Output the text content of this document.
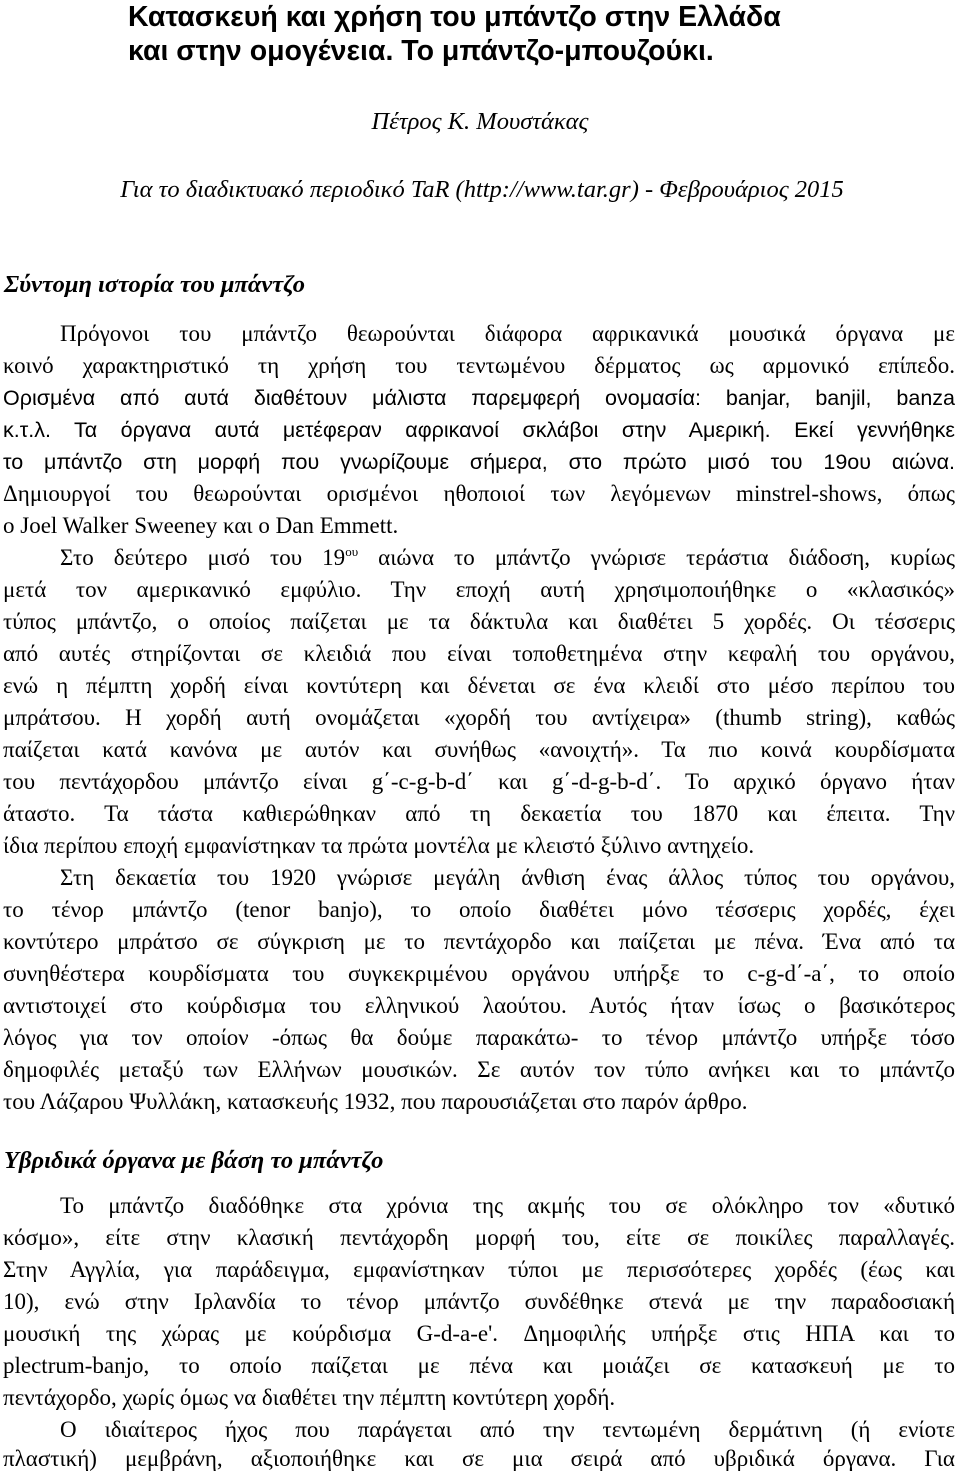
Κατασκευή και χρήση του μπάντζο στην Ελλάδα
και στην ομογένεια. Το μπάντζο-μπουζούκι.

Πέτρος Κ. Μουστάκας

Για το διαδικτυακό περιοδικό TaR (http://www.tar.gr) - Φεβρουάριος 2015

Σύντομη ιστορία του μπάντζο

Πρόγονοι του μπάντζο θεωρούνται διάφορα αφρικανικά μουσικά όργανα με

κοινό χαρακτηριστικό τη χρήση του τεντωμένου δέρματος ως αρμονικό επίπεδο.

Ορισμένα από αυτά διαθέτουν μάλιστα παρεμφερή ονομασία: banjar, banjil, banza

κ.τ.λ. Τα όργανα αυτά μετέφεραν αφρικανοί σκλάβοι στην Αμερική. Εκεί γεννήθηκε

το μπάντζο στη μορφή που γνωρίζουμε σήμερα, στο πρώτο μισό του 19ου αιώνα.

Δημιουργοί του θεωρούνται ορισμένοι ηθοποιοί των λεγόμενων minstrel-shows, όπως

ο Joel Walker Sweeney και ο Dan Emmett.

Στο δεύτερο μισό του $19^{o\upsilon}$ αιώνα το μπάντζο γνώρισε τεράστια διάδοση, κυρίως

μετά τον αμερικανικό εμφύλιο. Την εποχή αυτή χρησιμοποιήθηκε ο «κλασικός»

τύπος μπάντζο, ο οποίος παίζεται με τα δάκτυλα και διαθέτει 5 χορδές. Οι τέσσερις

από αυτές στηρίζονται σε κλειδιά που είναι τοποθετημένα στην κεφαλή του οργάνου,

ενώ η πέμπτη χορδή είναι κοντύτερη και δένεται σε ένα κλειδί στο μέσο περίπου του

μπράτσου. Η χορδή αυτή ονομάζεται «χορδή του αντίχειρα» (thumb string), καθώς

παίζεται κατά κανόνα με αυτόν και συνήθως «ανοιχτή». Τα πιο κοινά κουρδίσματα

του πεντάχορδου μπάντζο είναι g΄-c-g-b-d΄ και g΄-d-g-b-d΄. Το αρχικό όργανο ήταν

άταστο. Τα τάστα καθιερώθηκαν από τη δεκαετία του 1870 και έπειτα. Την

ίδια περίπου εποχή εμφανίστηκαν τα πρώτα μοντέλα με κλειστό ξύλινο αντηχείο.

Στη δεκαετία του 1920 γνώρισε μεγάλη άνθιση ένας άλλος τύπος του οργάνου,

το τένορ μπάντζο (tenor banjo), το οποίο διαθέτει μόνο τέσσερις χορδές, έχει

κοντύτερο μπράτσο σε σύγκριση με το πεντάχορδο και παίζεται με πένα. Ένα από τα

συνηθέστερα κουρδίσματα του συγκεκριμένου οργάνου υπήρξε το c-g-d΄-a΄, το οποίο

αντιστοιχεί στο κούρδισμα του ελληνικού λαούτου. Αυτός ήταν ίσως ο βασικότερος

λόγος για τον οποίον -όπως θα δούμε παρακάτω- το τένορ μπάντζο υπήρξε τόσο

δημοφιλές μεταξύ των Ελλήνων μουσικών. Σε αυτόν τον τύπο ανήκει και το μπάντζο

του Λάζαρου Ψυλλάκη, κατασκευής 1932, που παρουσιάζεται στο παρόν άρθρο.

Υβριδικά όργανα με βάση το μπάντζο

Το μπάντζο διαδόθηκε στα χρόνια της ακμής του σε ολόκληρο τον «δυτικό

κόσμο», είτε στην κλασική πεντάχορδη μορφή του, είτε σε ποικίλες παραλλαγές.

Στην Αγγλία, για παράδειγμα, εμφανίστηκαν τύποι με περισσότερες χορδές (έως και

10), ενώ στην Ιρλανδία το τένορ μπάντζο συνδέθηκε στενά με την παραδοσιακή

μουσική της χώρας με κούρδισμα G-d-a-e'. Δημοφιλής υπήρξε στις ΗΠΑ και το

plectrum-banjo, το οποίο παίζεται με πένα και μοιάζει σε κατασκευή με το

πεντάχορδο, χωρίς όμως να διαθέτει την πέμπτη κοντύτερη χορδή.

Ο ιδιαίτερος ήχος που παράγεται από την τεντωμένη δερμάτινη (ή ενίοτε

πλαστική) μεμβράνη, αξιοποιήθηκε και σε μια σειρά από υβριδικά όργανα. Για
